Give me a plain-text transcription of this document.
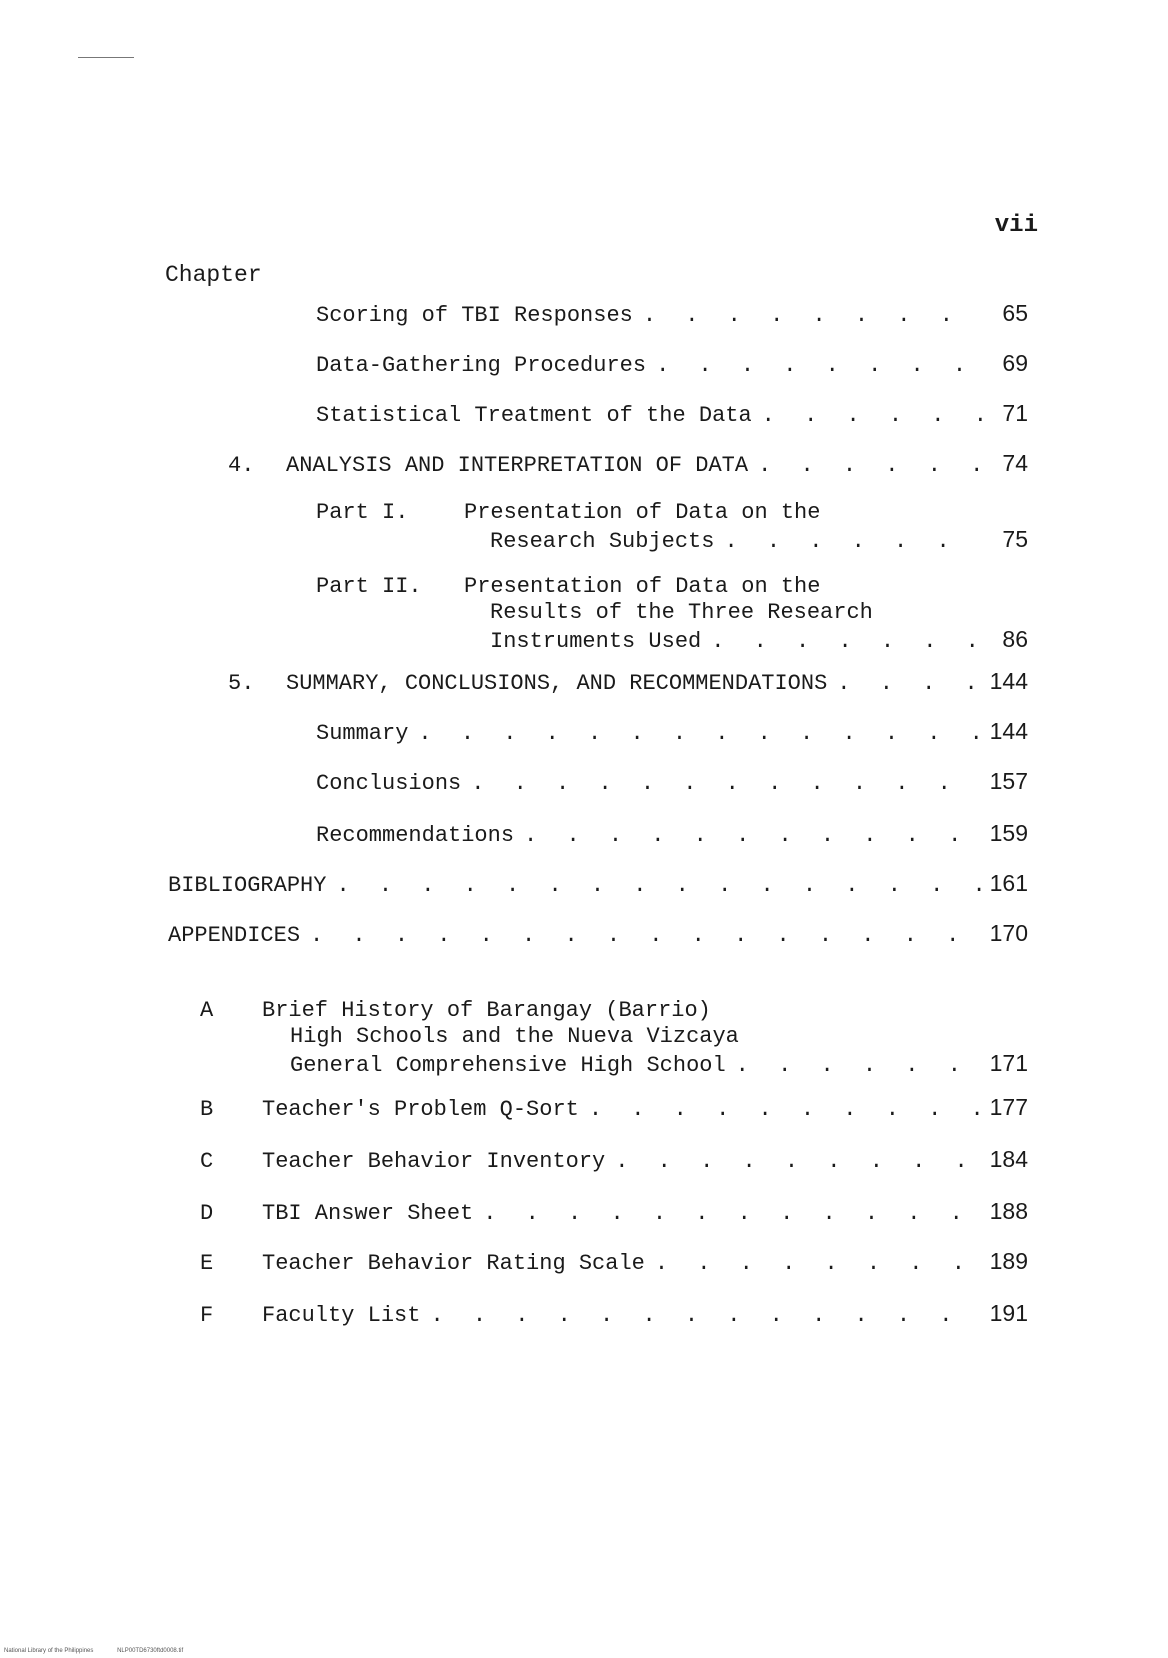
vii
Chapter
Scoring of TBI Responses . . .	65
Data-Gathering Procedures . . .	69
Statistical Treatment of the Data . . .	71
4.	ANALYSIS AND INTERPRETATION OF DATA . . .	74
Part I.	Presentation of Data on the
Research Subjects . . .	75
Part II.	Presentation of Data on the
Results of the Three Research
Instruments Used . . .	86
5.	SUMMARY, CONCLUSIONS, AND RECOMMENDATIONS . . .	144
Summary . . .	144
Conclusions . . .	157
Recommendations . . .	159
BIBLIOGRAPHY . . .	161
APPENDICES . . .	170
A	Brief History of Barangay (Barrio)
High Schools and the Nueva Vizcaya
General Comprehensive High School . . .	171
B	Teacher's Problem Q-Sort . . .	177
C	Teacher Behavior Inventory . . .	184
D	TBI Answer Sheet . . .	188
E	Teacher Behavior Rating Scale . . .	189
F	Faculty List . . .	191
National Library of the Philippines	NLP00TD6730ftd0008.tif
